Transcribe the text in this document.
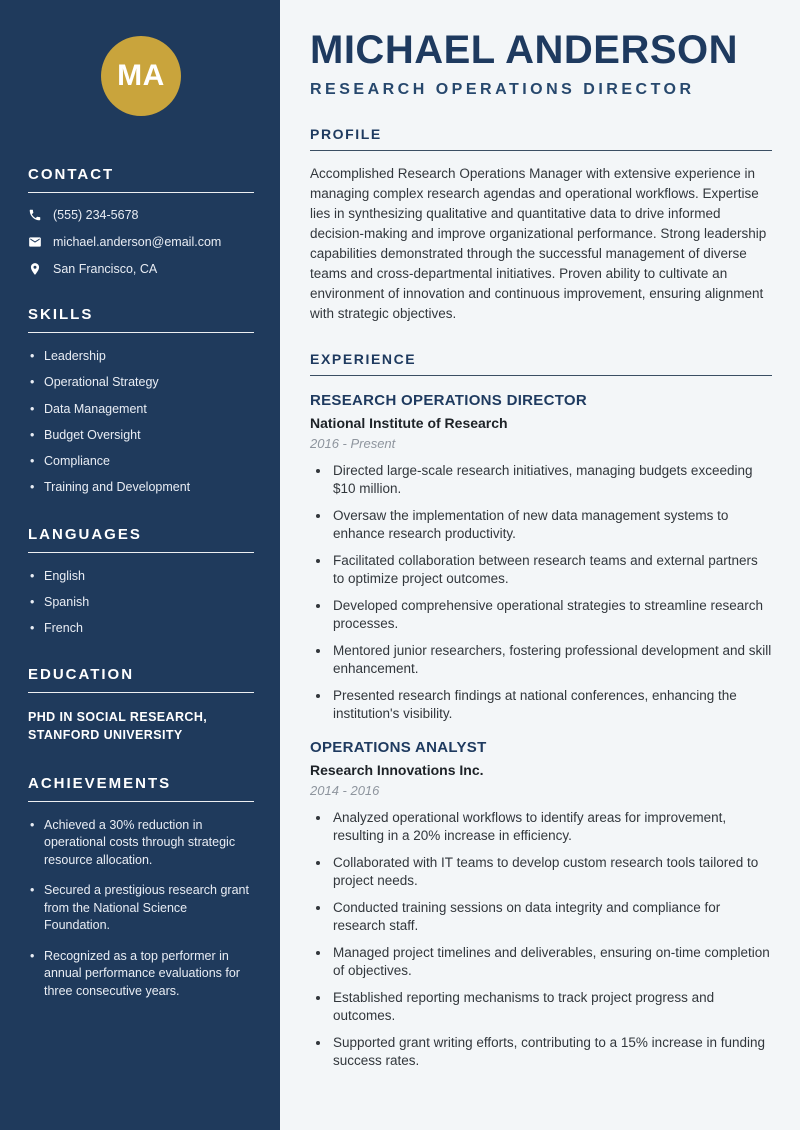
MA
CONTACT
(555) 234-5678
michael.anderson@email.com
San Francisco, CA
SKILLS
• Leadership
• Operational Strategy
• Data Management
• Budget Oversight
• Compliance
• Training and Development
LANGUAGES
• English
• Spanish
• French
EDUCATION
PHD IN SOCIAL RESEARCH, STANFORD UNIVERSITY
ACHIEVEMENTS
• Achieved a 30% reduction in operational costs through strategic resource allocation.
• Secured a prestigious research grant from the National Science Foundation.
• Recognized as a top performer in annual performance evaluations for three consecutive years.
MICHAEL ANDERSON
RESEARCH OPERATIONS DIRECTOR
PROFILE

Accomplished Research Operations Manager with extensive experience in managing complex research agendas and operational workflows. Expertise lies in synthesizing qualitative and quantitative data to drive informed decision-making and improve organizational performance. Strong leadership capabilities demonstrated through the successful management of diverse teams and cross-departmental initiatives. Proven ability to cultivate an environment of innovation and continuous improvement, ensuring alignment with strategic objectives.

EXPERIENCE
RESEARCH OPERATIONS DIRECTOR
National Institute of Research
2016 - Present
• Directed large-scale research initiatives, managing budgets exceeding $10 million.
• Oversaw the implementation of new data management systems to enhance research productivity.
• Facilitated collaboration between research teams and external partners to optimize project outcomes.
• Developed comprehensive operational strategies to streamline research processes.
• Mentored junior researchers, fostering professional development and skill enhancement.
• Presented research findings at national conferences, enhancing the institution's visibility.
OPERATIONS ANALYST
Research Innovations Inc.
2014 - 2016
• Analyzed operational workflows to identify areas for improvement, resulting in a 20% increase in efficiency.
• Collaborated with IT teams to develop custom research tools tailored to project needs.
• Conducted training sessions on data integrity and compliance for research staff.
• Managed project timelines and deliverables, ensuring on-time completion of objectives.
• Established reporting mechanisms to track project progress and outcomes.
• Supported grant writing efforts, contributing to a 15% increase in funding success rates.
